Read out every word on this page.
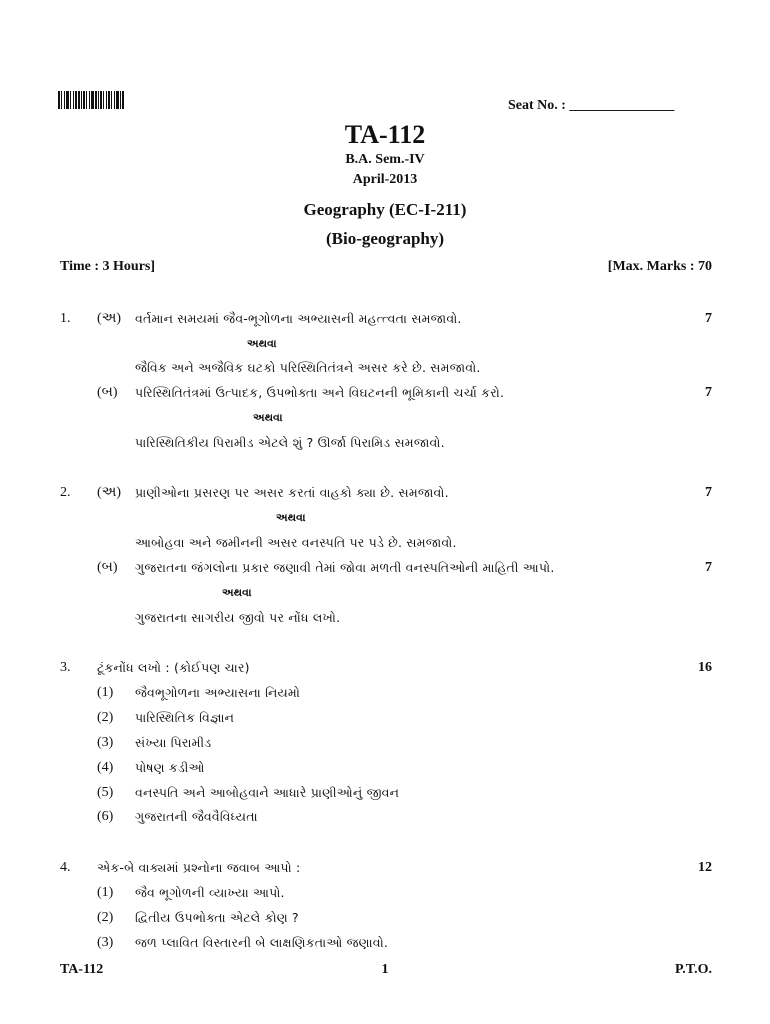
Seat No. : _______________
TA-112
B.A. Sem.-IV
April-2013
Geography (EC-I-211)
(Bio-geography)
Time : 3 Hours]	[Max. Marks : 70
1. (અ) વર્તમાન સમયમાં જૈવ-ભૂગોળના અભ્યાસની મહત્ત્વતા સમજાવો.	7
અથવા
જૈવિક અને અજૈવિક ઘટકો પરિસ્થિતિતંત્રને અસર કરે છે. સમજાવો.
(બ) પરિસ્થિતિતંત્રમાં ઉત્પાદક, ઉપભોક્તા અને વિઘટનની ભૂમિકાની ચર્ચા કરો.	7
અથવા
પારિસ્થિતિકીય પિરામીડ એટલે શું ? ઊર્જા પિરામિડ સમજાવો.
2. (અ) પ્રાણીઓના પ્રસરણ પર અસર કરતાં વાહકો ક્યા છે. સમજાવો.	7
અથવા
આબોહવા અને જમીનની અસર વનસ્પતિ પર પડે છે. સમજાવો.
(બ) ગુજરાતના જંગલોના પ્રકાર જણાવી તેમાં જોવા મળતી વનસ્પતિઓની માહિતી આપો.	7
અથવા
ગુજરાતના સાગરીય જીવો પર નોંધ લખો.
3. ટૂંકનોંધ લખો : (કોઈપણ ચાર)	16
(1) જૈવભૂગોળના અભ્યાસના નિયમો
(2) પારિસ્થિતિક વિજ્ઞાન
(3) સંખ્યા પિરામીડ
(4) પોષણ કડીઓ
(5) વનસ્પતિ અને આબોહવાને આધારે પ્રાણીઓનું જીવન
(6) ગુજરાતની જૈવવૈવિધ્યતા
4. એક-બે વાક્યમાં પ્રશ્નોના જવાબ આપો :	12
(1) જૈવ ભૂગોળની વ્યાખ્યા આપો.
(2) દ્વિતીય ઉપભોક્તા એટલે કોણ ?
(3) જળ પ્લાવિત વિસ્તારની બે લાક્ષણિકતાઓ જણાવો.
TA-112	1	P.T.O.
